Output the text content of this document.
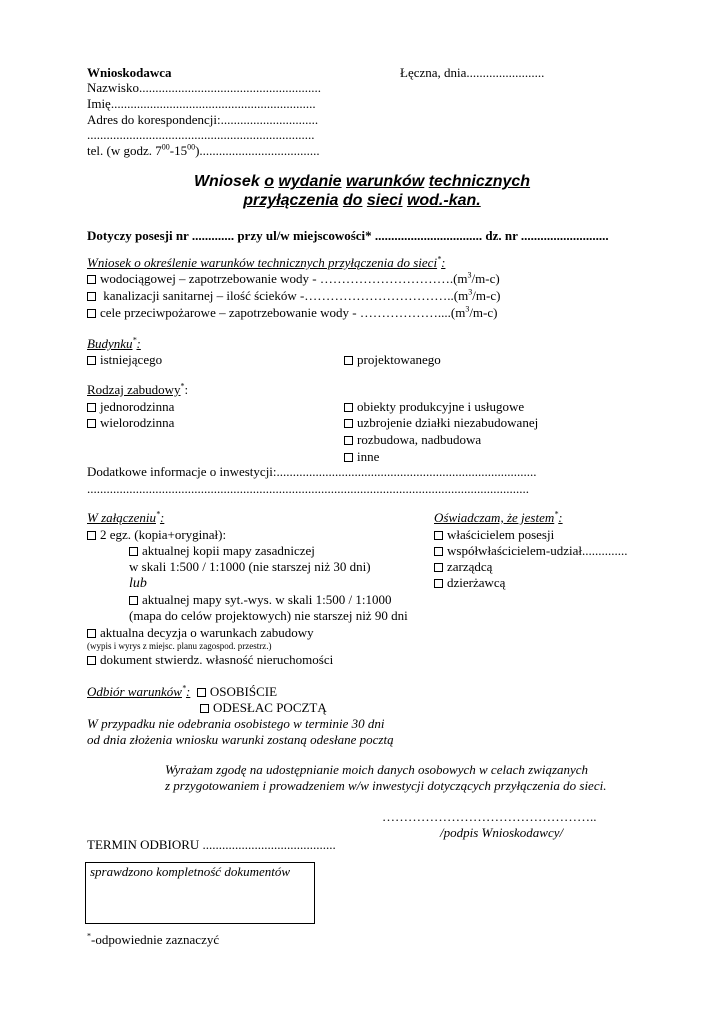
Wnioskodawca	Łęczna, dnia........................
Nazwisko........................................................
Imię...............................................................
Adres do korespondencji:..............................
......................................................................
tel. (w godz. $7^{00}-15^{00}$).....................................
Wniosek o wydanie warunków technicznych
przyłączenia do sieci wod.-kan.
Dotyczy posesji nr ............. przy ul/w miejscowości* ................................. dz. nr ...........................
Wniosek o określenie warunków technicznych przyłączenia do sieci*:
wodociągowej – zapotrzebowanie wody - $\dots\dots\dots\dots\dots\dots\dots\dots\dots\dots.(m^3/m-c)$
kanalizacji sanitarnej – ilość ścieków $-\dots\dots\dots\dots\dots\dots\dots\dots\dots\dots\dots..(m^3/m-c)$
cele przeciwpożarowe – zapotrzebowanie wody - $\dots\dots\dots\dots\dots\dots....(m^3/m-c)$
Budynku*:
istniejącego	projektowanego
Rodzaj zabudowy*:
jednorodzinna
wielorodzinna
obiekty produkcyjne i usługowe
uzbrojenie działki niezabudowanej
rozbudowa, nadbudowa
inne
Dodatkowe informacje o inwestycji:................................................................................
........................................................................................................................................
W załączeniu*:
2 egz. (kopia+oryginał):
aktualnej kopii mapy zasadniczej
w skali 1:500 / 1:1000 (nie starszej niż 30 dni)
lub
aktualnej mapy syt.-wys. w skali 1:500 / 1:1000
(mapa do celów projektowych) nie starszej niż 90 dni
aktualna decyzja o warunkach zabudowy
(wypis i wyrys z miejsc. planu zagospod. przestrz.)
dokument stwierdz. własność nieruchomości
Oświadczam, że jestem*:
właścicielem posesji
współwłaścicielem-udział..............
zarządcą
dzierżawcą
Odbiór warunków*: OSOBIŚCIE
ODESŁAC POCZTĄ
W przypadku nie odebrania osobistego w terminie 30 dni
od dnia złożenia wniosku warunki zostaną odesłane pocztą
Wyrażam zgodę na udostępnianie moich danych osobowych w celach związanych
z przygotowaniem i prowadzeniem w/w inwestycji dotyczących przyłączenia do sieci.
…………………………………………..
/podpis Wnioskodawcy/
TERMIN ODBIORU .........................................
sprawdzono kompletność dokumentów
*-odpowiednie zaznaczyć
